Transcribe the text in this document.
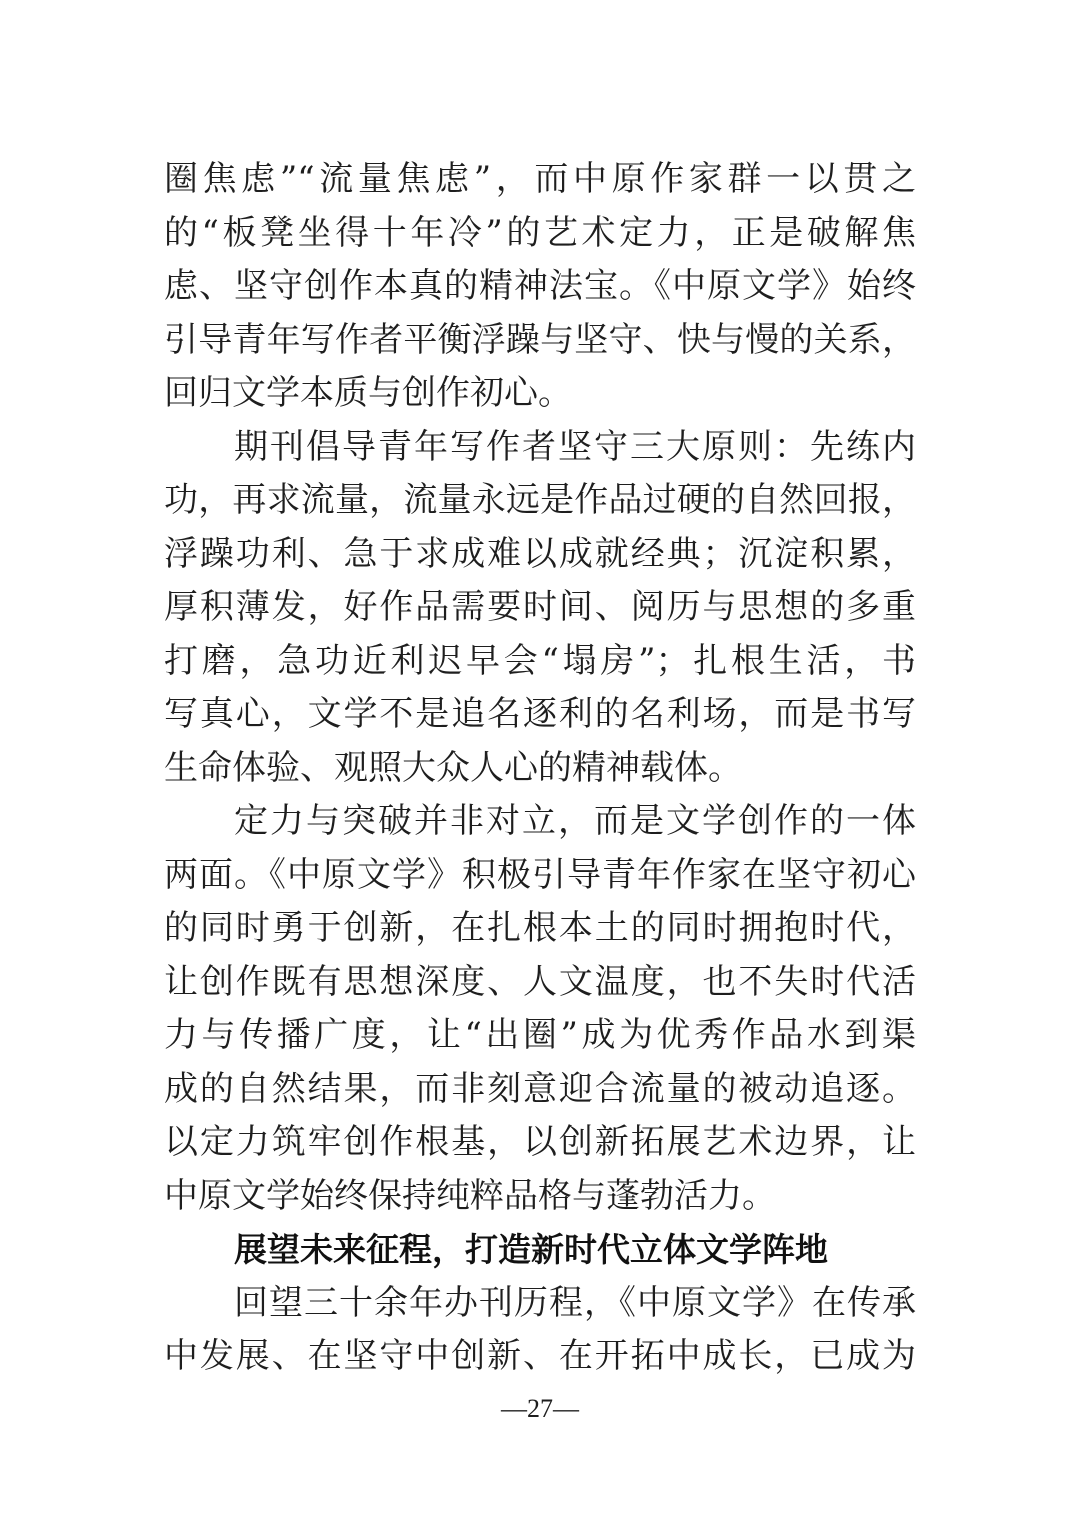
圈焦虑”“流量焦虑”，而中原作家群一以贯之
的“板凳坐得十年冷”的艺术定力，正是破解焦
虑、坚守创作本真的精神法宝。《中原文学》始终
引导青年写作者平衡浮躁与坚守、快与慢的关系，
回归文学本质与创作初心。
期刊倡导青年写作者坚守三大原则：先练内
功，再求流量，流量永远是作品过硬的自然回报，
浮躁功利、急于求成难以成就经典；沉淀积累，
厚积薄发，好作品需要时间、阅历与思想的多重
打磨，急功近利迟早会“塌房”；扎根生活，书
写真心，文学不是追名逐利的名利场，而是书写
生命体验、观照大众人心的精神载体。
定力与突破并非对立，而是文学创作的一体
两面。《中原文学》积极引导青年作家在坚守初心
的同时勇于创新，在扎根本土的同时拥抱时代，
让创作既有思想深度、人文温度，也不失时代活
力与传播广度，让“出圈”成为优秀作品水到渠
成的自然结果，而非刻意迎合流量的被动追逐。
以定力筑牢创作根基，以创新拓展艺术边界，让
中原文学始终保持纯粹品格与蓬勃活力。
展望未来征程，打造新时代立体文学阵地
回望三十余年办刊历程，《中原文学》在传承
中发展、在坚守中创新、在开拓中成长，已成为
—27—
